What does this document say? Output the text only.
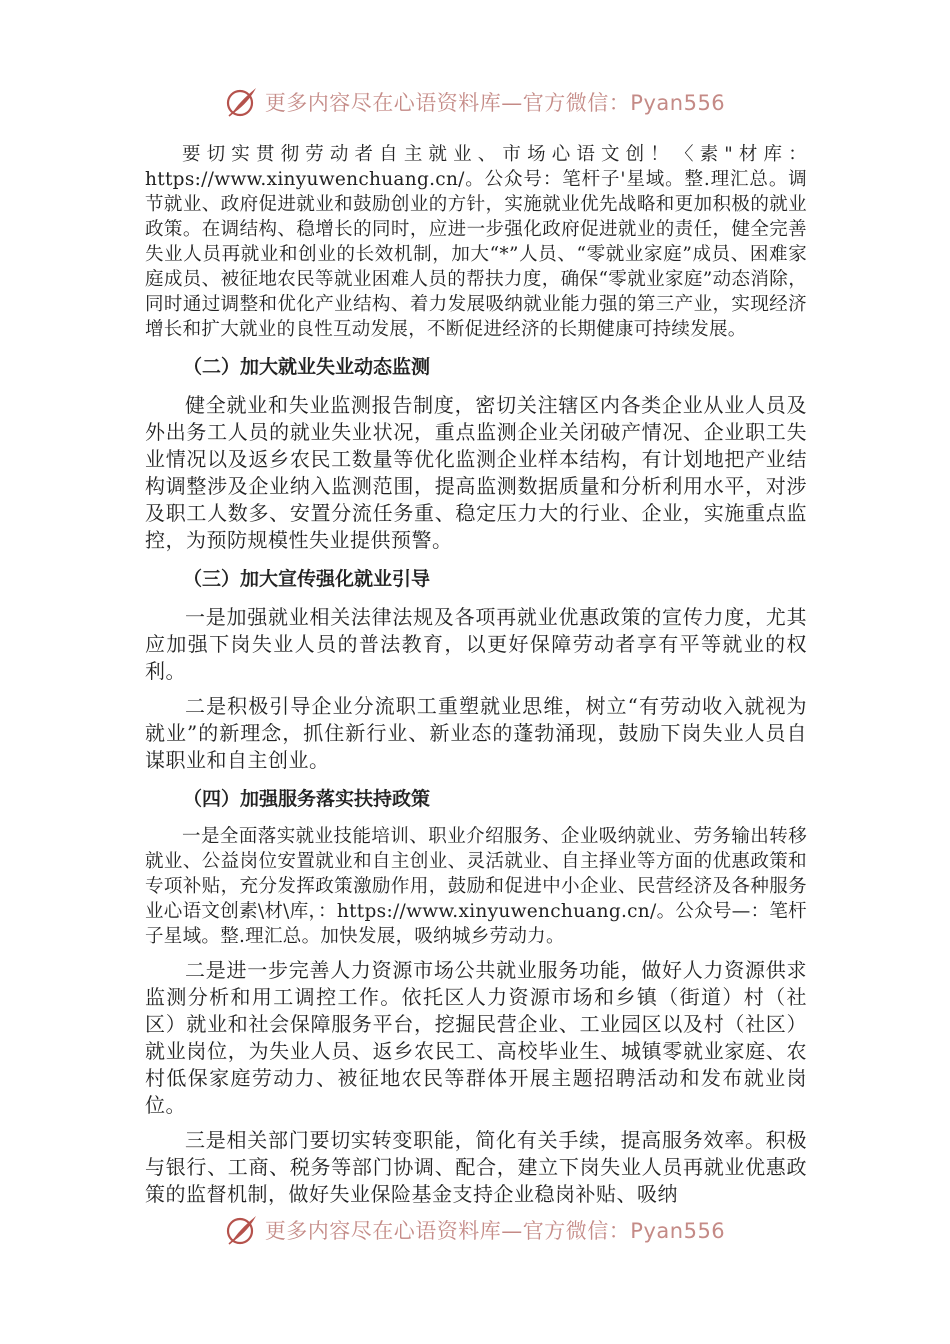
更多内容尽在心语资料库—官方微信：Pyan556

要切实贯彻劳动者自主就业、市场心语文创！〈素"材库：https://www.xinyuwenchuang.cn/。公众号：笔杆子'星域。整.理汇总。调节就业、政府促进就业和鼓励创业的方针，实施就业优先战略和更加积极的就业政策。在调结构、稳增长的同时，应进一步强化政府促进就业的责任，健全完善失业人员再就业和创业的长效机制，加大“*”人员、“零就业家庭”成员、困难家庭成员、被征地农民等就业困难人员的帮扶力度，确保“零就业家庭”动态消除，同时通过调整和优化产业结构、着力发展吸纳就业能力强的第三产业，实现经济增长和扩大就业的良性互动发展，不断促进经济的长期健康可持续发展。

（二）加大就业失业动态监测

健全就业和失业监测报告制度，密切关注辖区内各类企业从业人员及外出务工人员的就业失业状况，重点监测企业关闭破产情况、企业职工失业情况以及返乡农民工数量等优化监测企业样本结构，有计划地把产业结构调整涉及企业纳入监测范围，提高监测数据质量和分析利用水平，对涉及职工人数多、安置分流任务重、稳定压力大的行业、企业，实施重点监控，为预防规模性失业提供预警。

（三）加大宣传强化就业引导

一是加强就业相关法律法规及各项再就业优惠政策的宣传力度，尤其应加强下岗失业人员的普法教育，以更好保障劳动者享有平等就业的权利。

二是积极引导企业分流职工重塑就业思维，树立“有劳动收入就视为就业”的新理念，抓住新行业、新业态的蓬勃涌现，鼓励下岗失业人员自谋职业和自主创业。

（四）加强服务落实扶持政策

一是全面落实就业技能培训、职业介绍服务、企业吸纳就业、劳务输出转移就业、公益岗位安置就业和自主创业、灵活就业、自主择业等方面的优惠政策和专项补贴，充分发挥政策激励作用，鼓励和促进中小企业、民营经济及各种服务业心语文创素\材\库，：https://www.xinyuwenchuang.cn/。公众号—：笔杆子星域。整.理汇总。加快发展，吸纳城乡劳动力。

二是进一步完善人力资源市场公共就业服务功能，做好人力资源供求监测分析和用工调控工作。依托区人力资源市场和乡镇（街道）村（社区）就业和社会保障服务平台，挖掘民营企业、工业园区以及村（社区）就业岗位，为失业人员、返乡农民工、高校毕业生、城镇零就业家庭、农村低保家庭劳动力、被征地农民等群体开展主题招聘活动和发布就业岗位。

三是相关部门要切实转变职能，简化有关手续，提高服务效率。积极与银行、工商、税务等部门协调、配合，建立下岗失业人员再就业优惠政策的监督机制，做好失业保险基金支持企业稳岗补贴、吸纳

更多内容尽在心语资料库—官方微信：Pyan556
